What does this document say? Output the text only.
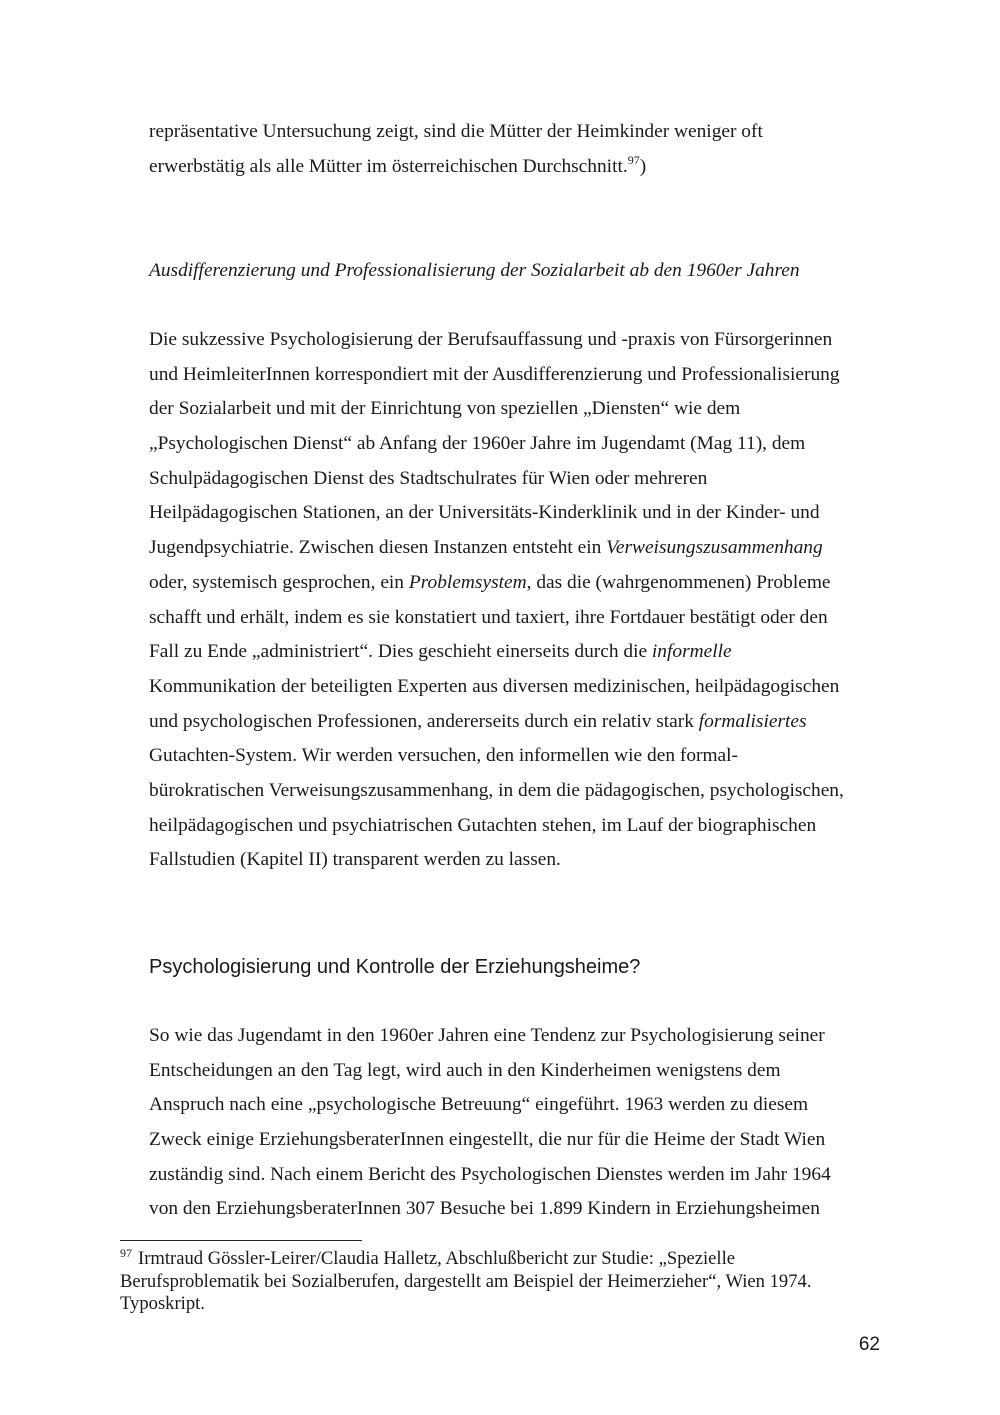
repräsentative Untersuchung zeigt, sind die Mütter der Heimkinder weniger oft
erwerbstätig als alle Mütter im österreichischen Durchschnitt.$^{97}$)
Ausdifferenzierung und Professionalisierung der Sozialarbeit ab den 1960er Jahren
Die sukzessive Psychologisierung der Berufsauffassung und -praxis von Fürsorgerinnen
und HeimleiterInnen korrespondiert mit der Ausdifferenzierung und Professionalisierung
der Sozialarbeit und mit der Einrichtung von speziellen „Diensten“ wie dem
„Psychologischen Dienst“ ab Anfang der 1960er Jahre im Jugendamt (Mag 11), dem
Schulpädagogischen Dienst des Stadtschulrates für Wien oder mehreren
Heilpädagogischen Stationen, an der Universitäts-Kinderklinik und in der Kinder- und
Jugendpsychiatrie. Zwischen diesen Instanzen entsteht ein Verweisungszusammenhang
oder, systemisch gesprochen, ein Problemsystem, das die (wahrgenommenen) Probleme
schafft und erhält, indem es sie konstatiert und taxiert, ihre Fortdauer bestätigt oder den
Fall zu Ende „administriert“. Dies geschieht einerseits durch die informelle
Kommunikation der beteiligten Experten aus diversen medizinischen, heilpädagogischen
und psychologischen Professionen, andererseits durch ein relativ stark formalisiertes
Gutachten-System. Wir werden versuchen, den informellen wie den formal-
bürokratischen Verweisungszusammenhang, in dem die pädagogischen, psychologischen,
heilpädagogischen und psychiatrischen Gutachten stehen, im Lauf der biographischen
Fallstudien (Kapitel II) transparent werden zu lassen.
Psychologisierung und Kontrolle der Erziehungsheime?
So wie das Jugendamt in den 1960er Jahren eine Tendenz zur Psychologisierung seiner
Entscheidungen an den Tag legt, wird auch in den Kinderheimen wenigstens dem
Anspruch nach eine „psychologische Betreuung“ eingeführt. 1963 werden zu diesem
Zweck einige ErziehungsberaterInnen eingestellt, die nur für die Heime der Stadt Wien
zuständig sind. Nach einem Bericht des Psychologischen Dienstes werden im Jahr 1964
von den ErziehungsberaterInnen 307 Besuche bei 1.899 Kindern in Erziehungsheimen
$^{97}$ Irmtraud Gössler-Leirer/Claudia Halletz, Abschlußbericht zur Studie: „Spezielle
Berufsproblematik bei Sozialberufen, dargestellt am Beispiel der Heimerzieher“, Wien 1974.
Typoskript.
62
